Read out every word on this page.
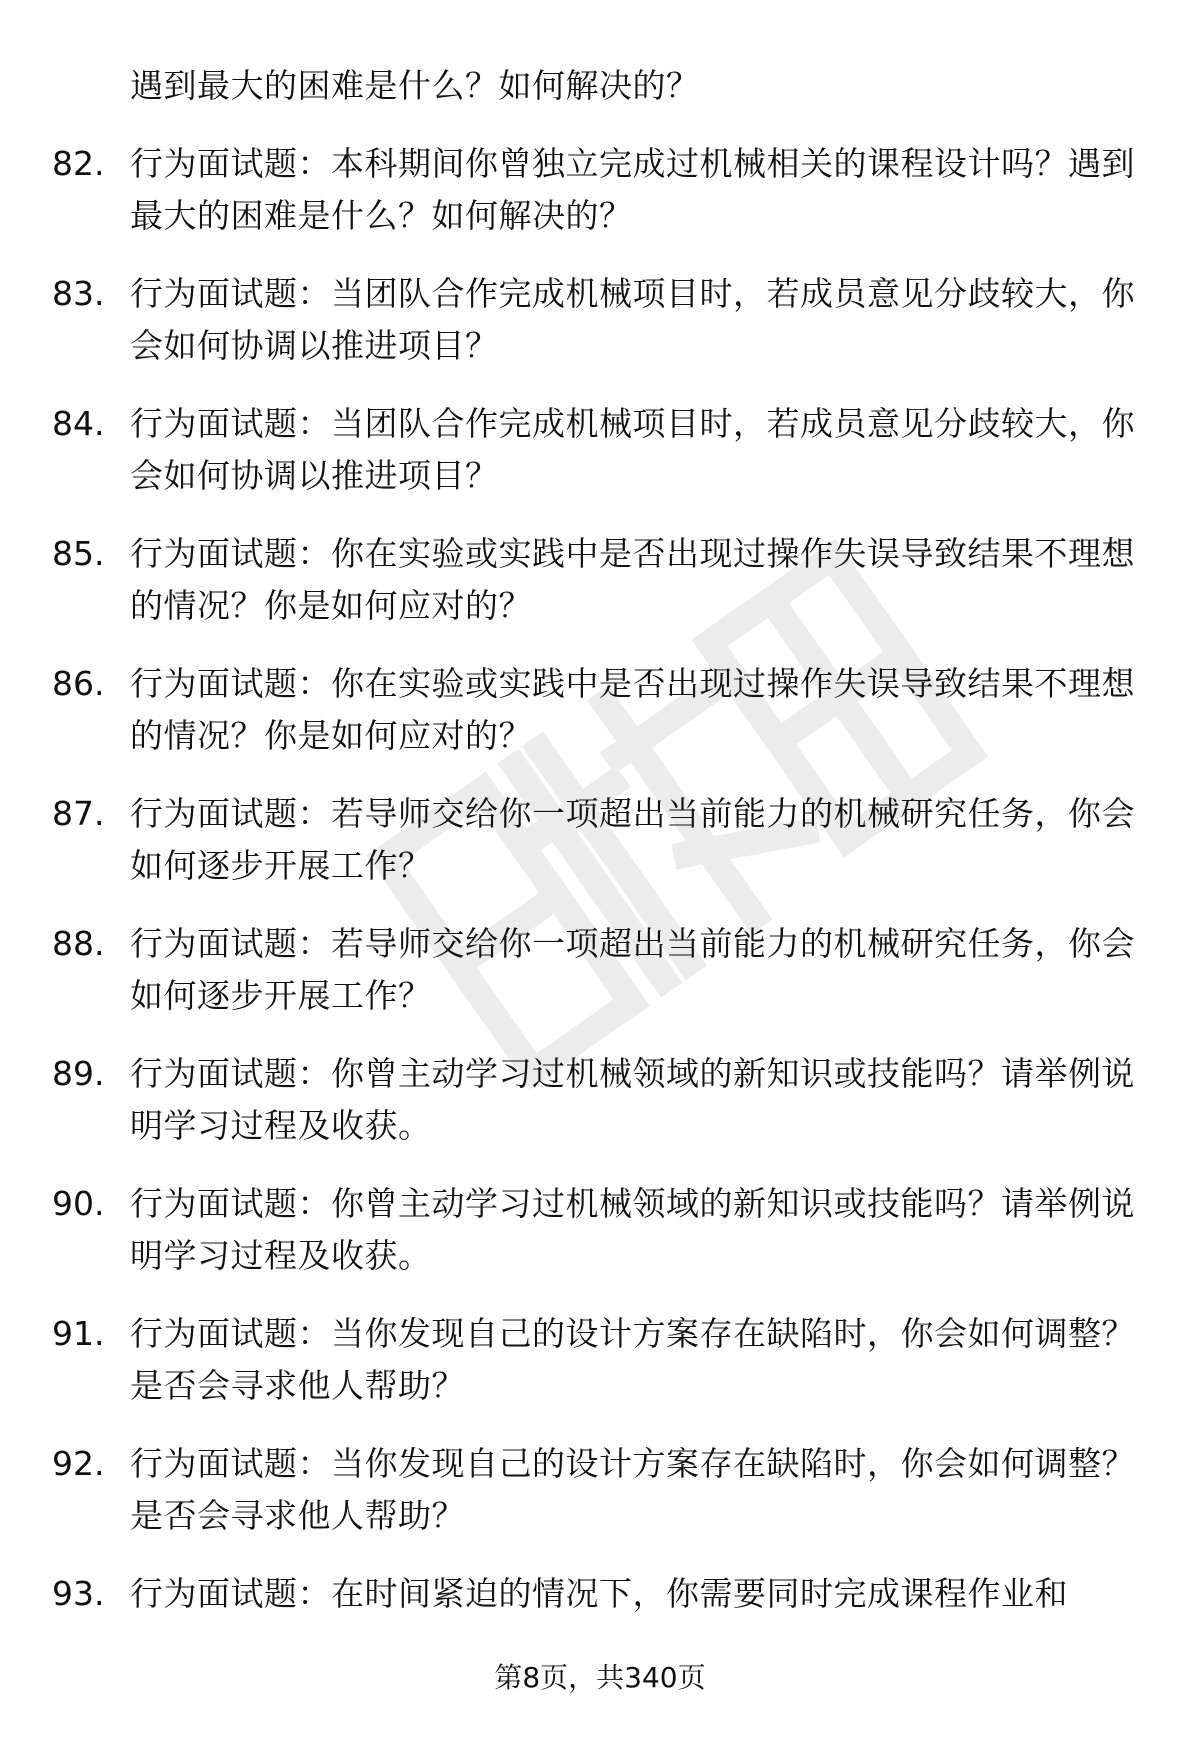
遇到最大的困难是什么？如何解决的？
82. 行为面试题：本科期间你曾独立完成过机械相关的课程设计吗？遇到最大的困难是什么？如何解决的？
83. 行为面试题：当团队合作完成机械项目时，若成员意见分歧较大，你会如何协调以推进项目？
84. 行为面试题：当团队合作完成机械项目时，若成员意见分歧较大，你会如何协调以推进项目？
85. 行为面试题：你在实验或实践中是否出现过操作失误导致结果不理想的情况？你是如何应对的？
86. 行为面试题：你在实验或实践中是否出现过操作失误导致结果不理想的情况？你是如何应对的？
87. 行为面试题：若导师交给你一项超出当前能力的机械研究任务，你会如何逐步开展工作？
88. 行为面试题：若导师交给你一项超出当前能力的机械研究任务，你会如何逐步开展工作？
89. 行为面试题：你曾主动学习过机械领域的新知识或技能吗？请举例说明学习过程及收获。
90. 行为面试题：你曾主动学习过机械领域的新知识或技能吗？请举例说明学习过程及收获。
91. 行为面试题：当你发现自己的设计方案存在缺陷时，你会如何调整？是否会寻求他人帮助？
92. 行为面试题：当你发现自己的设计方案存在缺陷时，你会如何调整？是否会寻求他人帮助？
93. 行为面试题：在时间紧迫的情况下，你需要同时完成课程作业和
第8页，共340页
